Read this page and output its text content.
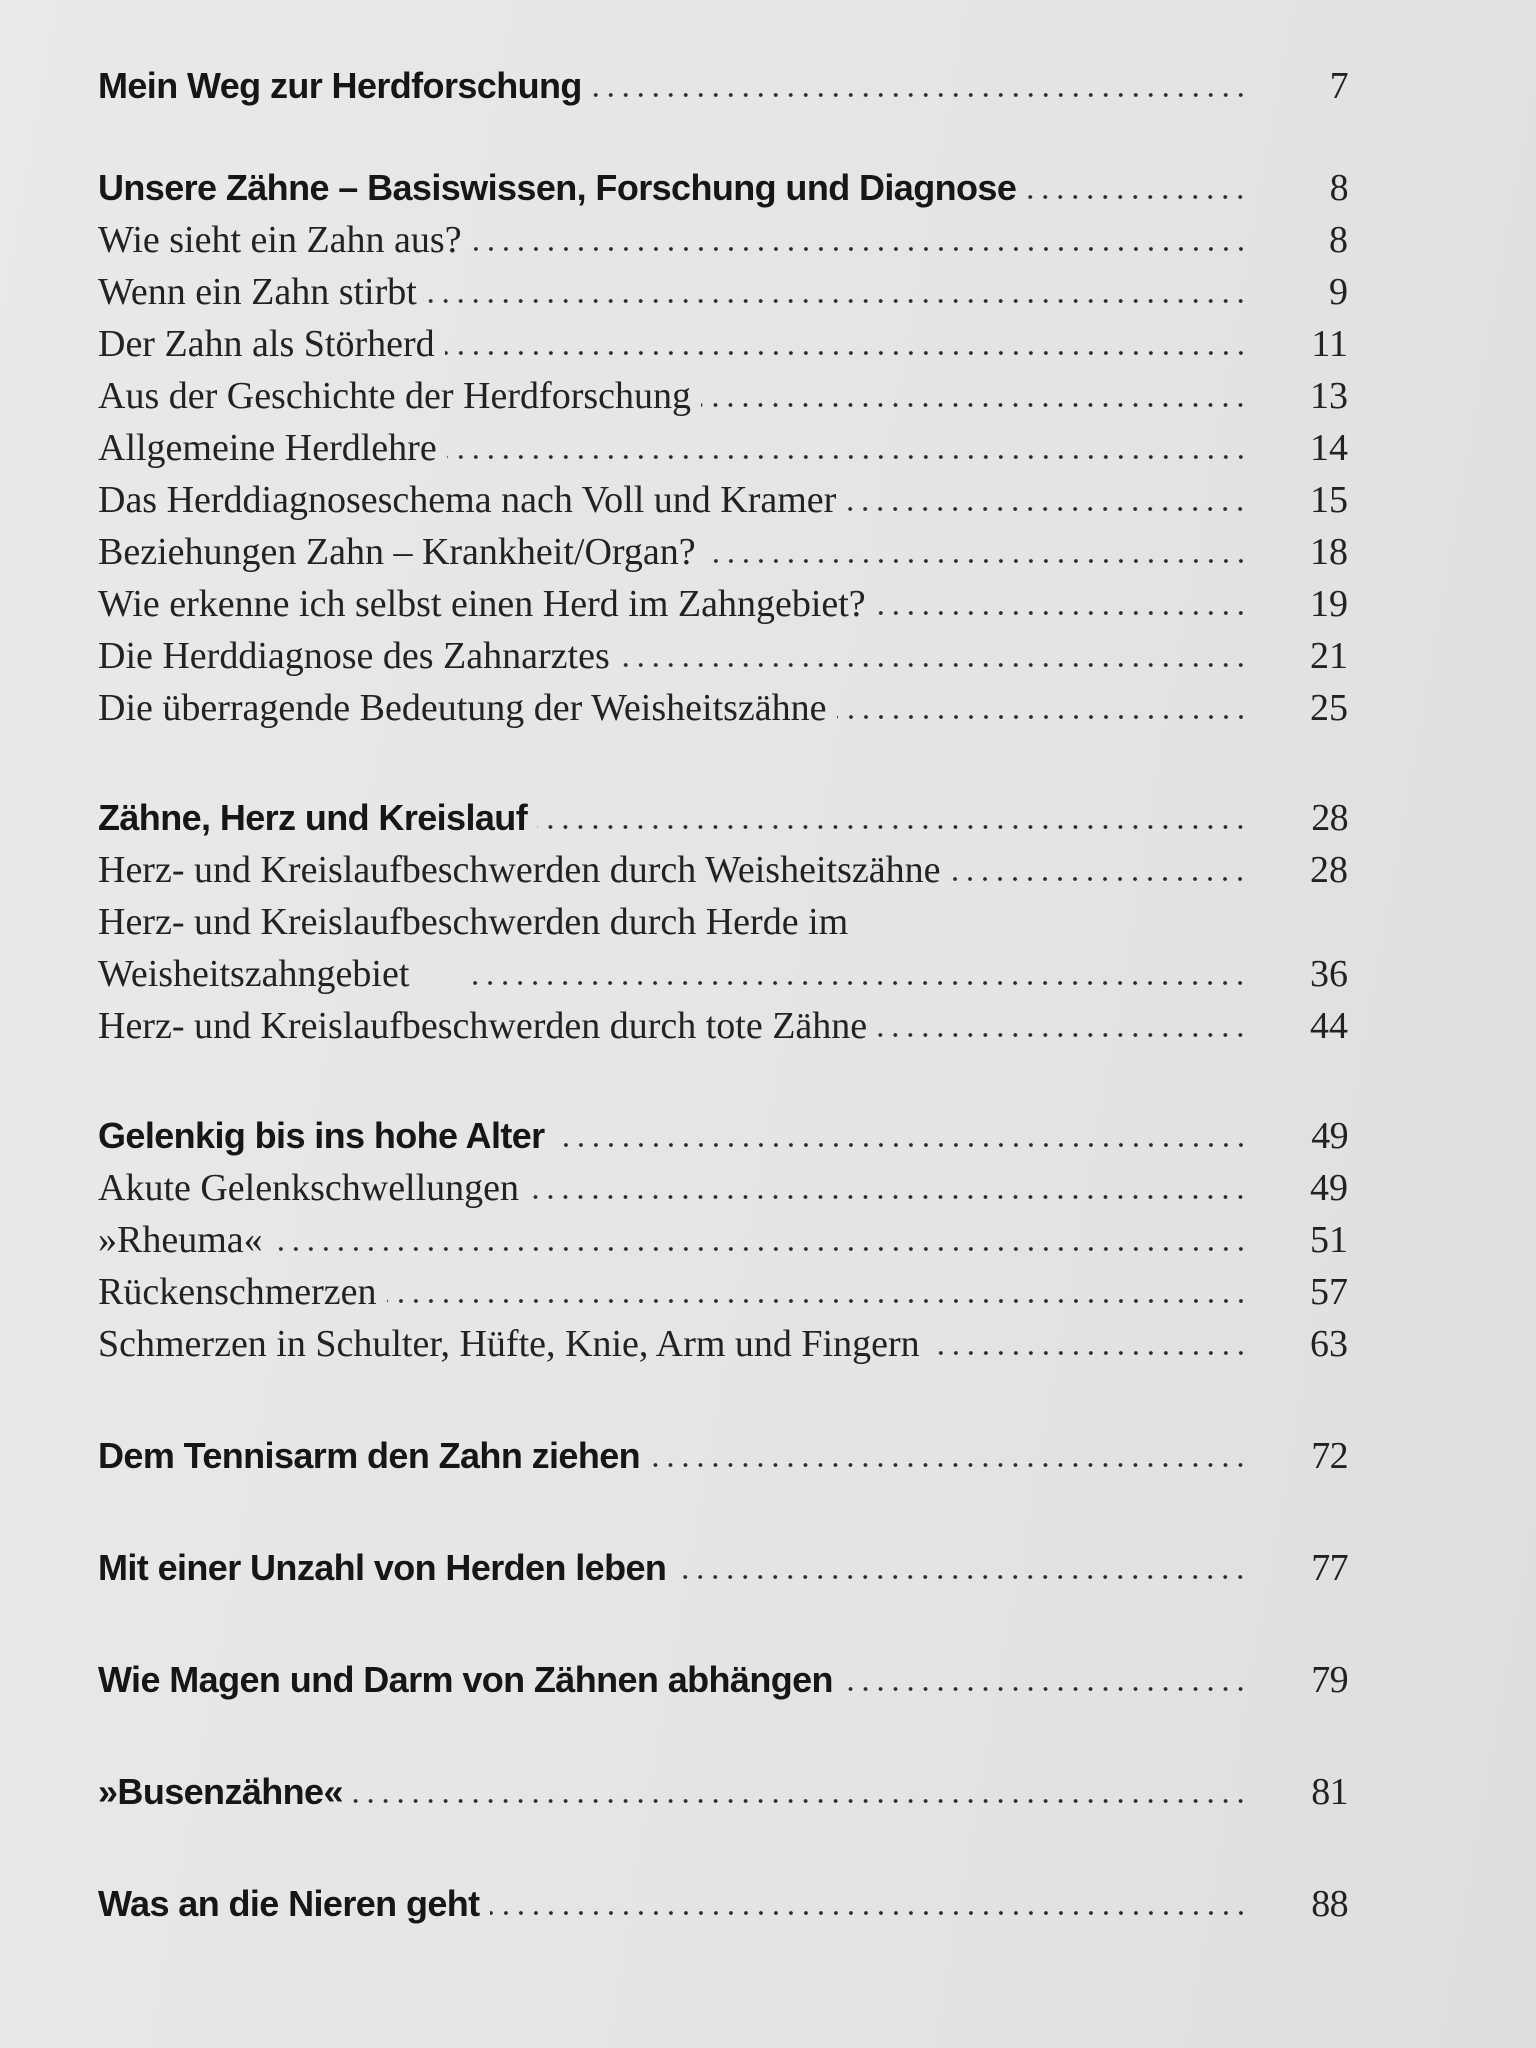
Mein Weg zur Herdforschung	7
Unsere Zähne – Basiswissen, Forschung und Diagnose	8
Wie sieht ein Zahn aus?	8
Wenn ein Zahn stirbt	9
Der Zahn als Störherd	11
Aus der Geschichte der Herdforschung	13
Allgemeine Herdlehre	14
Das Herddiagnoseschema nach Voll und Kramer	15
Beziehungen Zahn – Krankheit/Organ?	18
Wie erkenne ich selbst einen Herd im Zahngebiet?	19
Die Herddiagnose des Zahnarztes	21
Die überragende Bedeutung der Weisheitszähne	25
Zähne, Herz und Kreislauf	28
Herz- und Kreislaufbeschwerden durch Weisheitszähne	28
Herz- und Kreislaufbeschwerden durch Herde im
Weisheitszahngebiet	36
Herz- und Kreislaufbeschwerden durch tote Zähne	44
Gelenkig bis ins hohe Alter	49
Akute Gelenkschwellungen	49
»Rheuma«	51
Rückenschmerzen	57
Schmerzen in Schulter, Hüfte, Knie, Arm und Fingern	63
Dem Tennisarm den Zahn ziehen	72
Mit einer Unzahl von Herden leben	77
Wie Magen und Darm von Zähnen abhängen	79
»Busenzähne«	81
Was an die Nieren geht	88
